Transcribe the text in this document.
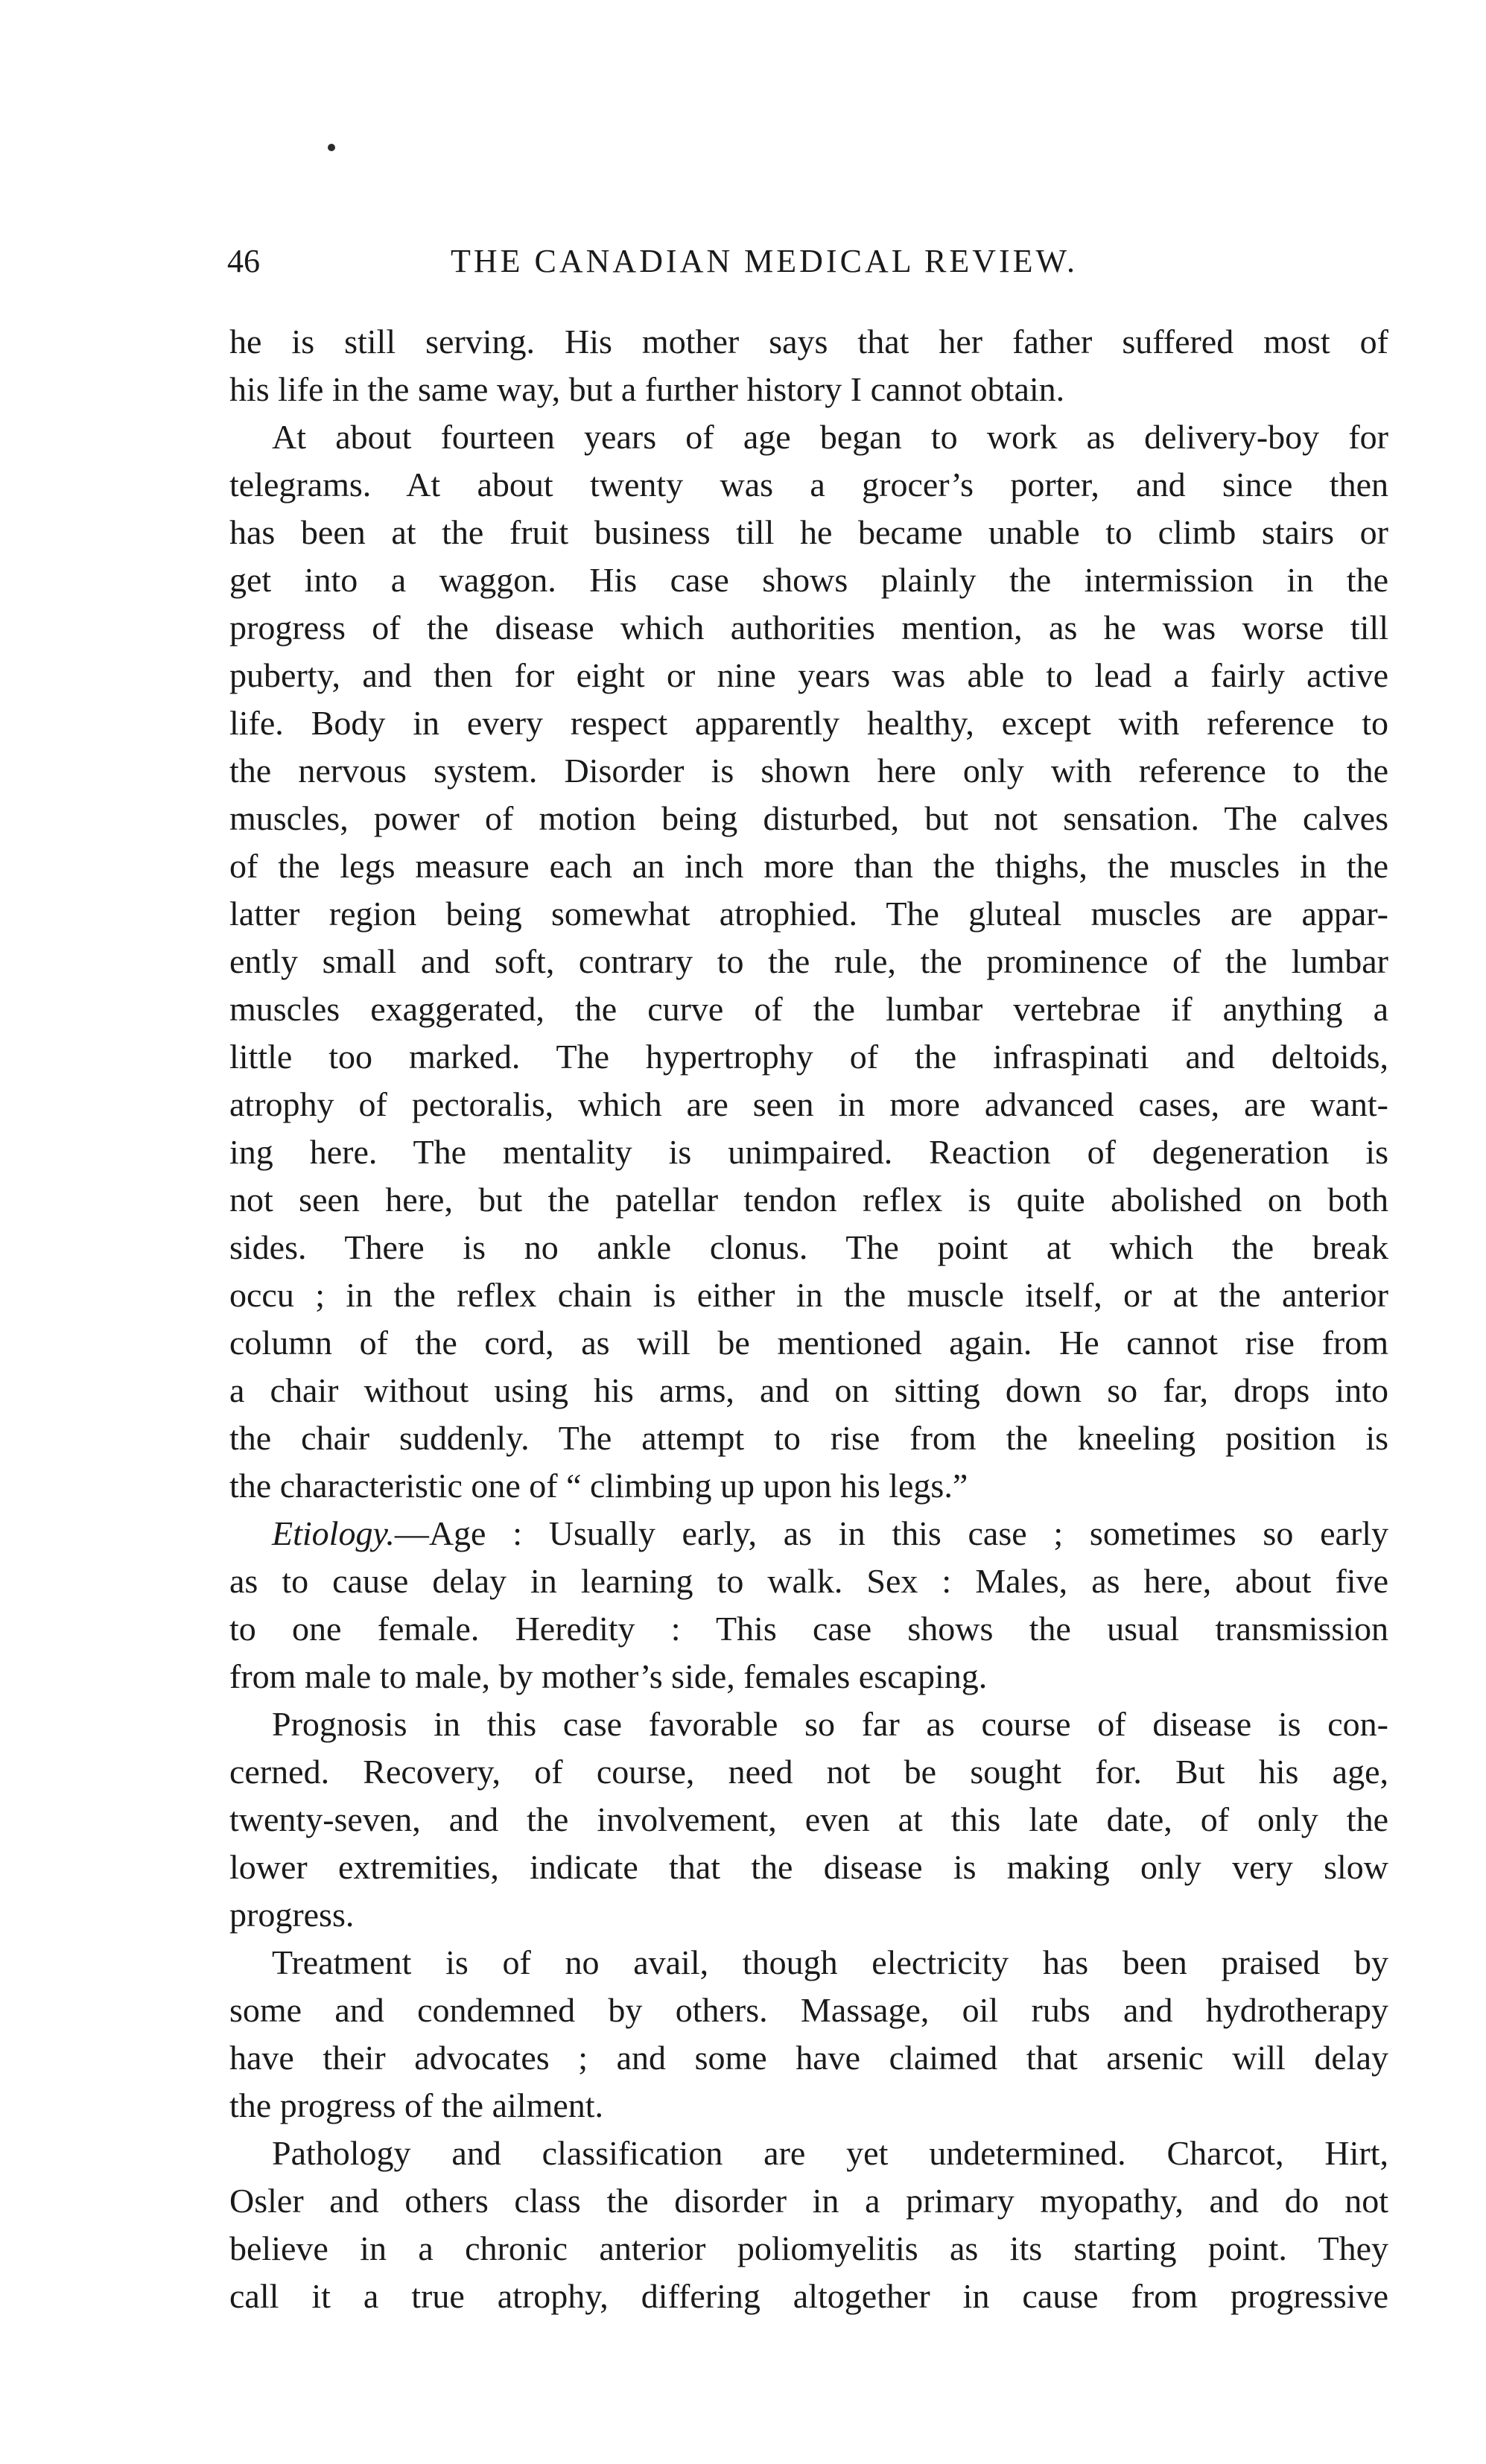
46	THE CANADIAN MEDICAL REVIEW.
he is still serving. His mother says that her father suffered most of
his life in the same way, but a further history I cannot obtain.
At about fourteen years of age began to work as delivery-boy for
telegrams. At about twenty was a grocer’s porter, and since then
has been at the fruit business till he became unable to climb stairs or
get into a waggon. His case shows plainly the intermission in the
progress of the disease which authorities mention, as he was worse till
puberty, and then for eight or nine years was able to lead a fairly active
life. Body in every respect apparently healthy, except with reference to
the nervous system. Disorder is shown here only with reference to the
muscles, power of motion being disturbed, but not sensation. The calves
of the legs measure each an inch more than the thighs, the muscles in the
latter region being somewhat atrophied. The gluteal muscles are appar-
ently small and soft, contrary to the rule, the prominence of the lumbar
muscles exaggerated, the curve of the lumbar vertebrae if anything a
little too marked. The hypertrophy of the infraspinati and deltoids,
atrophy of pectoralis, which are seen in more advanced cases, are want-
ing here. The mentality is unimpaired. Reaction of degeneration is
not seen here, but the patellar tendon reflex is quite abolished on both
sides. There is no ankle clonus. The point at which the break
occu ; in the reflex chain is either in the muscle itself, or at the anterior
column of the cord, as will be mentioned again. He cannot rise from
a chair without using his arms, and on sitting down so far, drops into
the chair suddenly. The attempt to rise from the kneeling position is
the characteristic one of “ climbing up upon his legs.”
Etiology.—Age : Usually early, as in this case ; sometimes so early
as to cause delay in learning to walk. Sex : Males, as here, about five
to one female. Heredity : This case shows the usual transmission
from male to male, by mother’s side, females escaping.
Prognosis in this case favorable so far as course of disease is con-
cerned. Recovery, of course, need not be sought for. But his age,
twenty-seven, and the involvement, even at this late date, of only the
lower extremities, indicate that the disease is making only very slow
progress.
Treatment is of no avail, though electricity has been praised by
some and condemned by others. Massage, oil rubs and hydrotherapy
have their advocates ; and some have claimed that arsenic will delay
the progress of the ailment.
Pathology and classification are yet undetermined. Charcot, Hirt,
Osler and others class the disorder in a primary myopathy, and do not
believe in a chronic anterior poliomyelitis as its starting point. They
call it a true atrophy, differing altogether in cause from progressive
